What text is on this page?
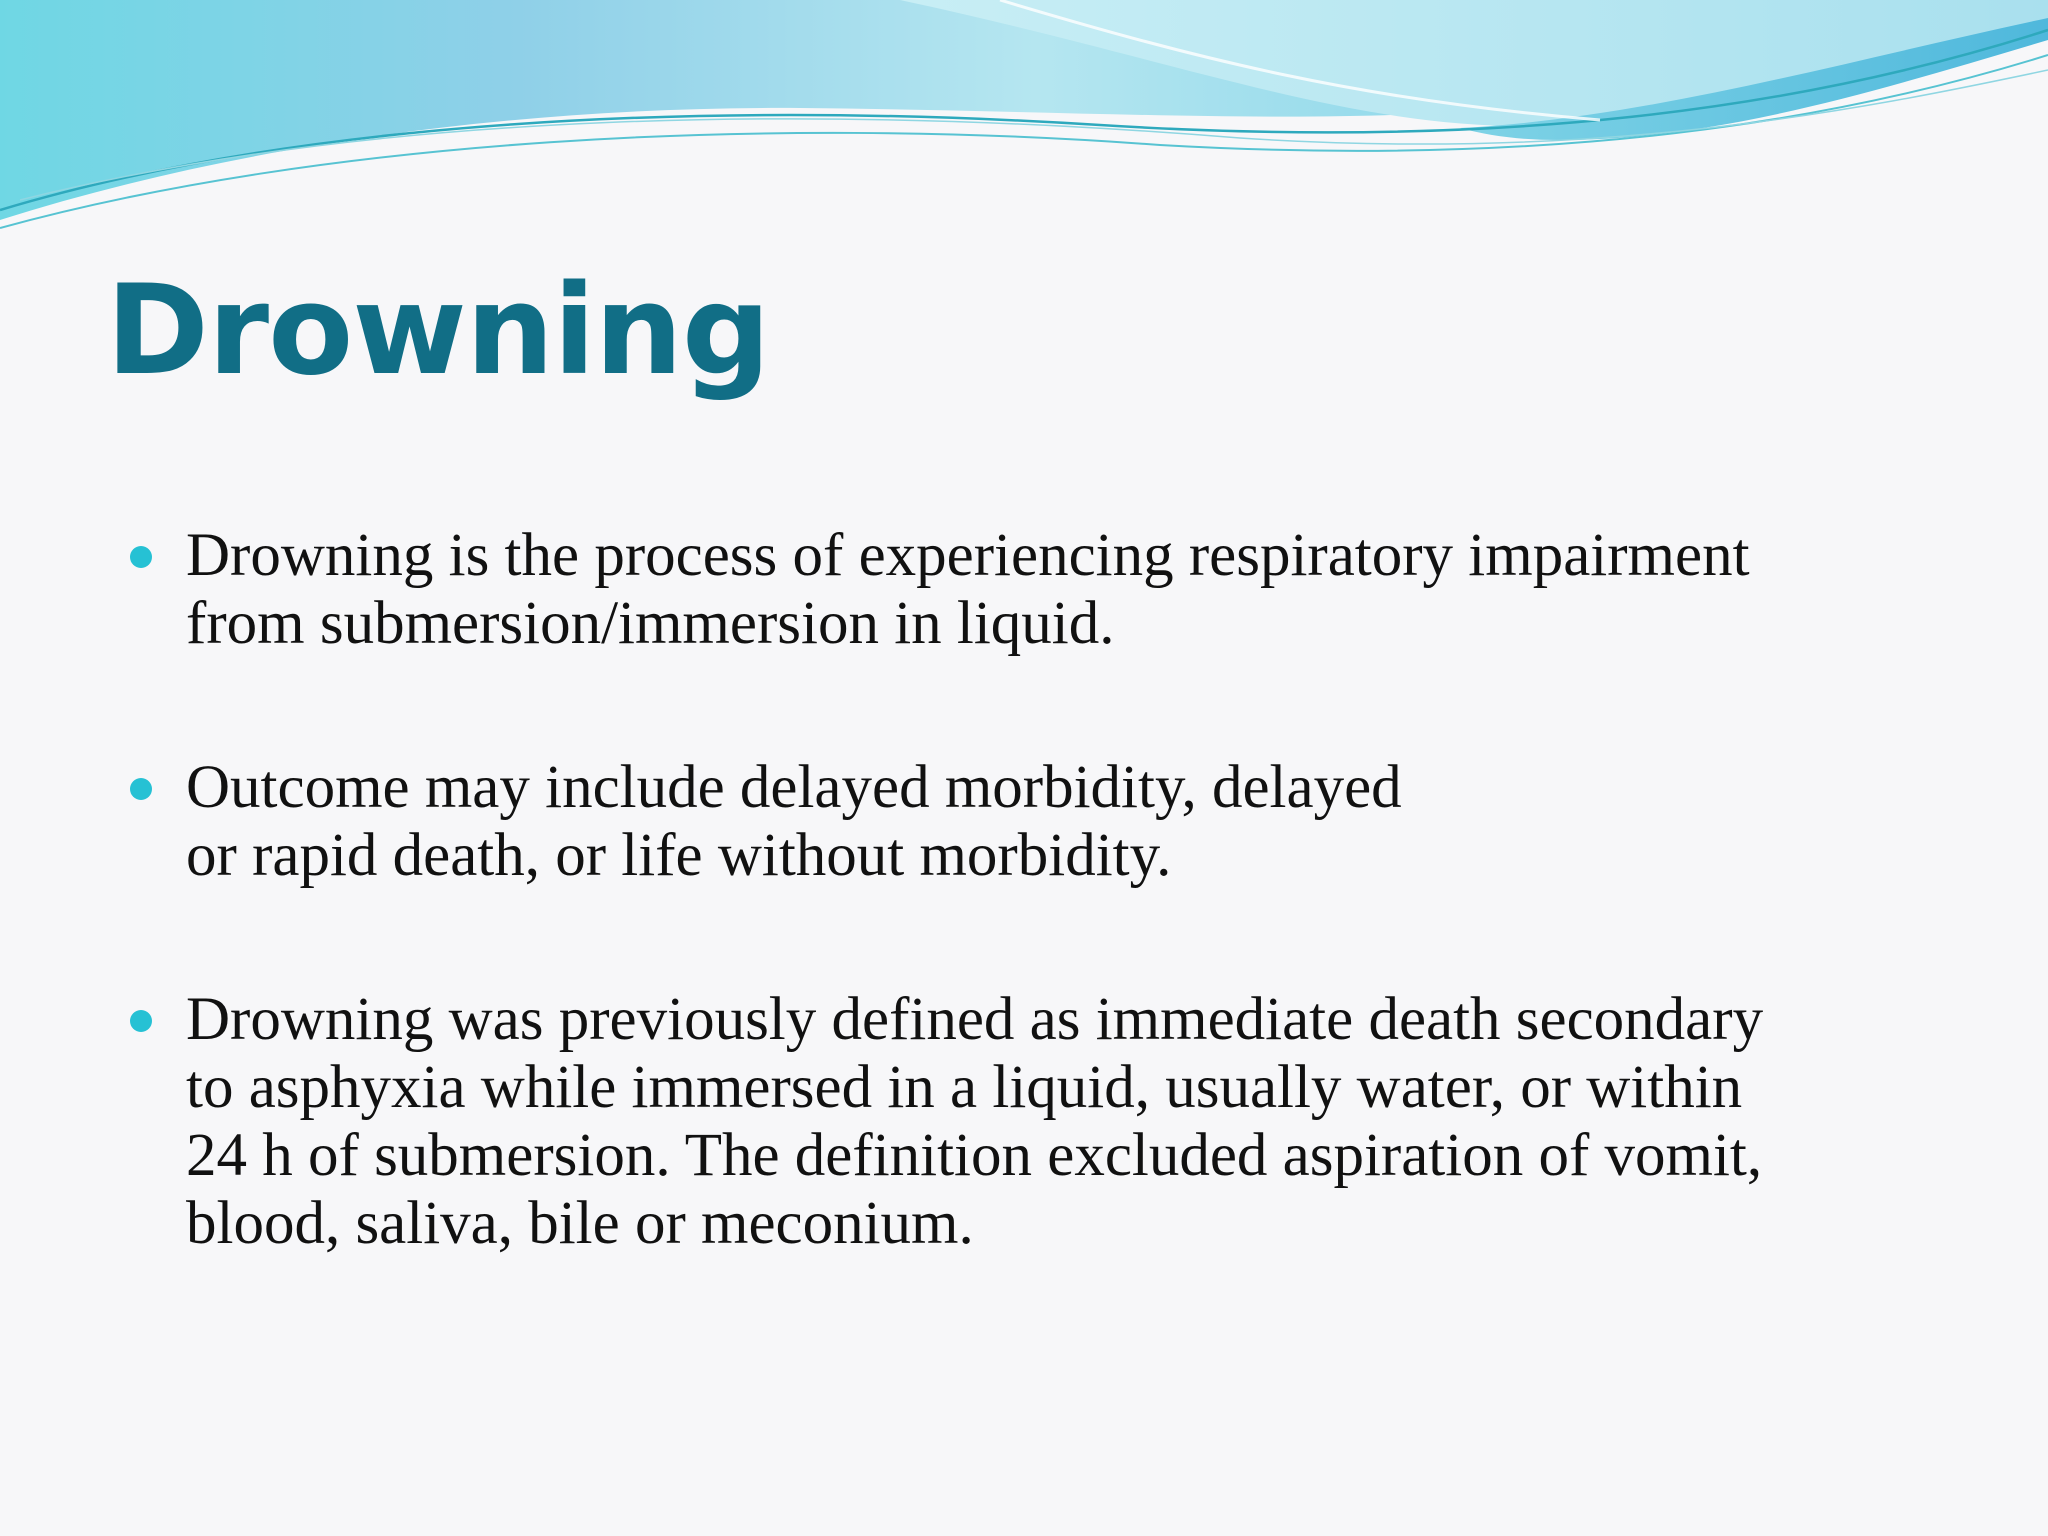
Drowning
Drowning is the process of experiencing respiratory impairment
from submersion/immersion in liquid.
Outcome may include delayed morbidity, delayed
or rapid death, or life without morbidity.
Drowning was previously defined as immediate death secondary
to asphyxia while immersed in a liquid, usually water, or within
24 h of submersion. The definition excluded aspiration of vomit,
blood, saliva, bile or meconium.
